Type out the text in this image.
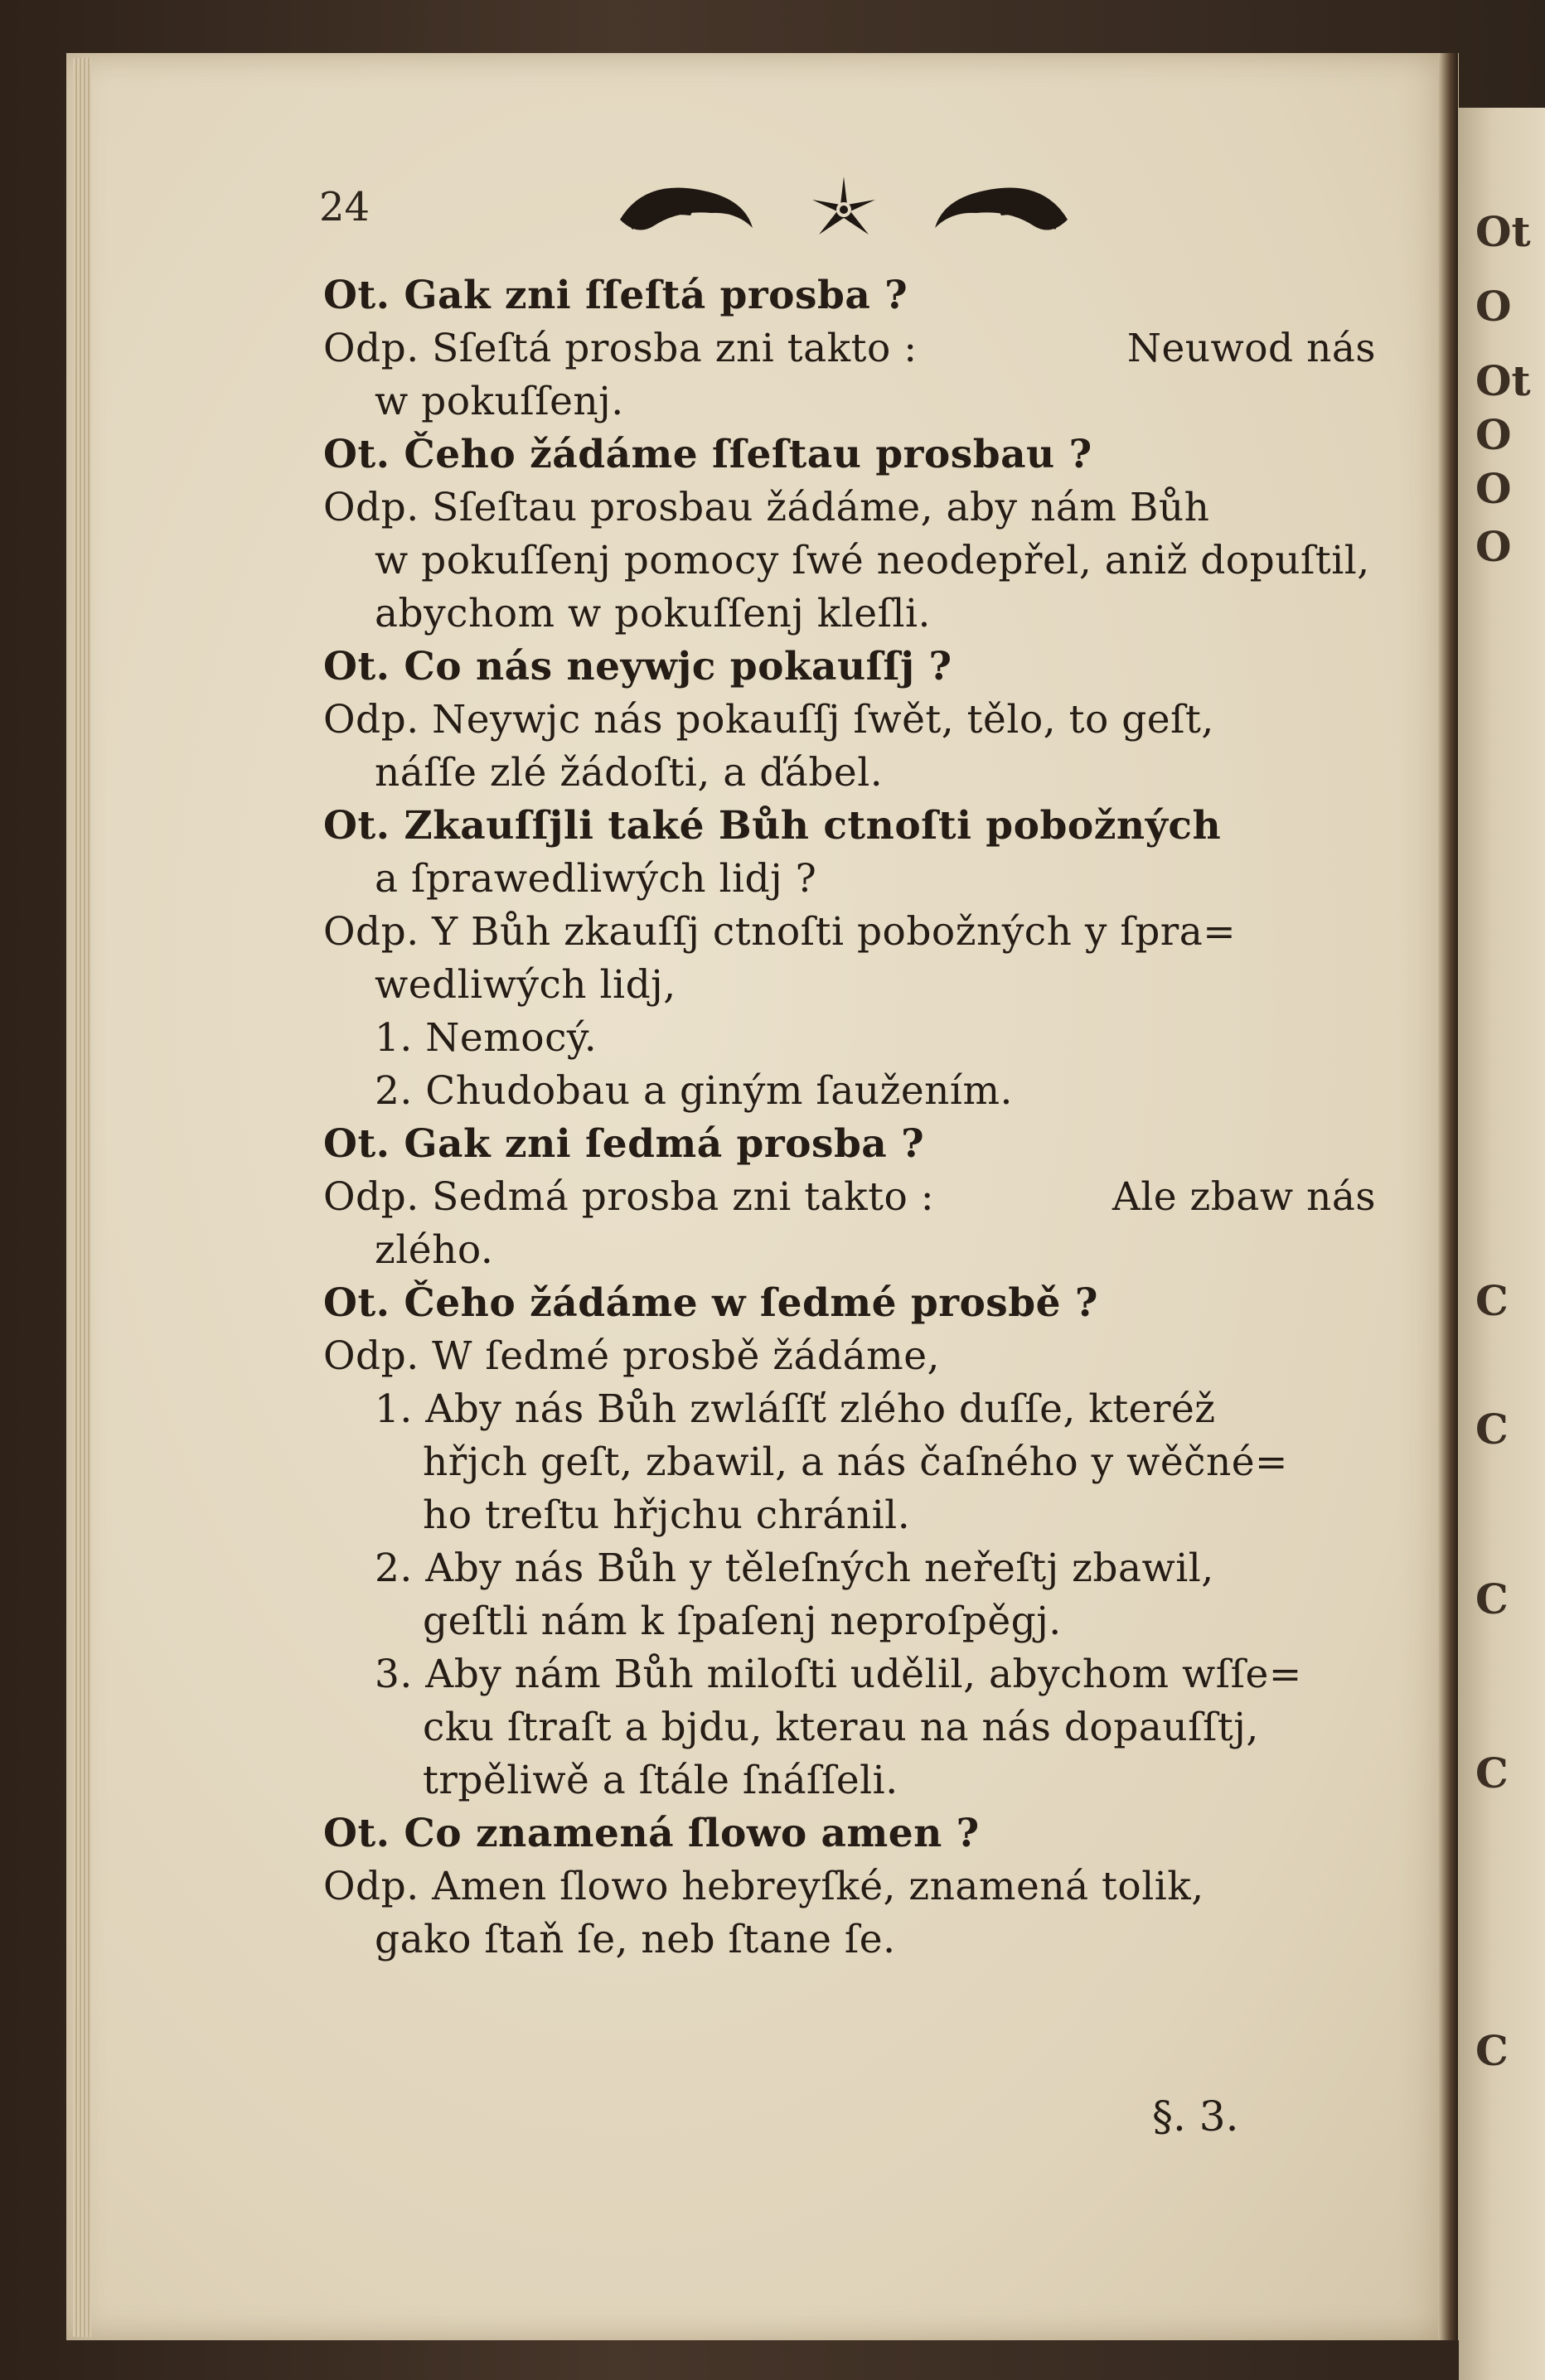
Ot
O
Ot
O
O
O
C
C
C
C
C
24
Ot. Gak zni ſſeſtá prosba ?
Odp. Sſeſtá prosba zni takto :	Neuwod nás
w pokuſſenj.
Ot. Čeho žádáme ſſeſtau prosbau ?
Odp. Sſeſtau prosbau žádáme, aby nám Bůh
w pokuſſenj pomocy ſwé neodepřel, aniž dopuſtil,
abychom w pokuſſenj kleſli.
Ot. Co nás neywjc pokauſſj ?
Odp. Neywjc nás pokauſſj ſwět, tělo, to geſt,
náſſe zlé žádoſti, a ďábel.
Ot. Zkauſſjli také Bůh ctnoſti pobožných
a ſprawedliwých lidj ?
Odp. Y Bůh zkauſſj ctnoſti pobožných y ſpra=
wedliwých lidj,
1. Nemocý.
2. Chudobau a giným ſaužením.
Ot. Gak zni ſedmá prosba ?
Odp. Sedmá prosba zni takto :	Ale zbaw nás
zlého.
Ot. Čeho žádáme w ſedmé prosbě ?
Odp. W ſedmé prosbě žádáme,
1. Aby nás Bůh zwláſſť zlého duſſe, kteréž
hřjch geſt, zbawil, a nás čaſného y wěčné=
ho treſtu hřjchu chránil.
2. Aby nás Bůh y těleſných neřeſtj zbawil,
geſtli nám k ſpaſenj neproſpěgj.
3. Aby nám Bůh miloſti udělil, abychom wſſe=
cku ſtraſt a bjdu, kterau na nás dopauſſtj,
trpěliwě a ſtále ſnáſſeli.
Ot. Co znamená ſlowo amen ?
Odp. Amen ſlowo hebreyſké, znamená tolik,
gako ſtaň ſe, neb ſtane ſe.
§. 3.
